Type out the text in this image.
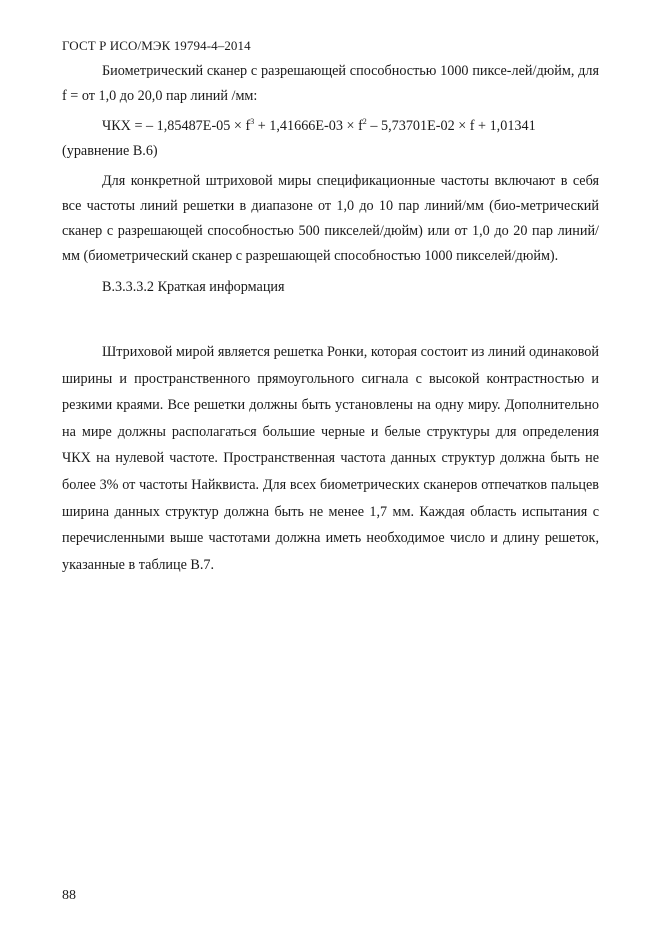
ГОСТ Р ИСО/МЭК 19794-4–2014

Биометрический сканер с разрешающей способностью 1000 пиксе-лей/дюйм, для f = от 1,0 до 20,0 пар линий /мм:

ЧКХ = – $1,85487Е-05 \times f^3 + 1,41666Е-03 \times f^2 - 5,73701Е-02 \times f + 1,01341$

(уравнение В.6)

Для конкретной штриховой миры спецификационные частоты включают в себя все частоты линий решетки в диапазоне от 1,0 до 10 пар линий/мм (био-метрический сканер с разрешающей способностью 500 пикселей/дюйм) или от 1,0 до 20 пар линий/мм (биометрический сканер с разрешающей способностью 1000 пикселей/дюйм).

В.3.3.3.2 Краткая информация

Штриховой мирой является решетка Ронки, которая состоит из линий одинаковой ширины и пространственного прямоугольного сигнала с высокой контрастностью и резкими краями. Все решетки должны быть установлены на одну миру. Дополнительно на мире должны располагаться большие черные и белые структуры для определения ЧКХ на нулевой частоте. Пространственная частота данных структур должна быть не более 3% от частоты Найквиста. Для всех биометрических сканеров отпечатков пальцев ширина данных структур должна быть не менее 1,7 мм. Каждая область испытания с перечисленными выше частотами должна иметь необходимое число и длину решеток, указанные в таблице В.7.

88
